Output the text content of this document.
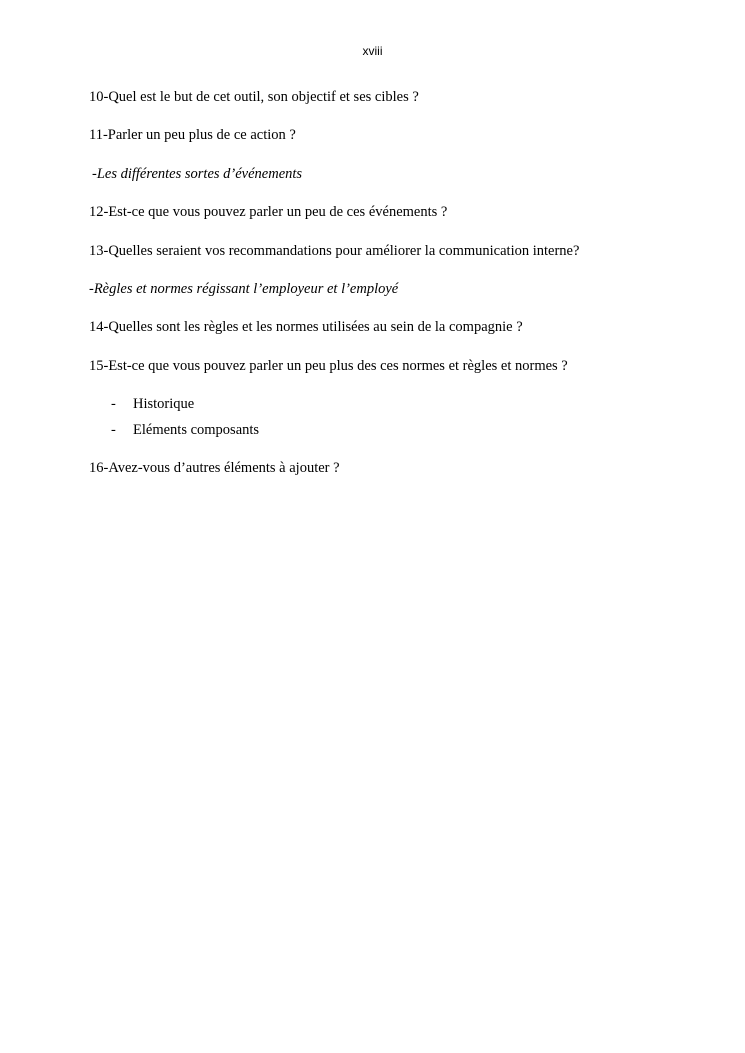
xviii
10-Quel est le but de cet outil, son objectif et ses cibles ?
11-Parler un peu plus de ce action ?
-Les différentes sortes d’événements
12-Est-ce que vous pouvez parler un peu de ces événements ?
13-Quelles seraient vos recommandations pour améliorer la communication interne?
-Règles et normes régissant l’employeur et l’employé
14-Quelles sont les règles et les normes utilisées au sein de la compagnie ?
15-Est-ce que vous pouvez parler un peu plus des ces normes et règles et normes ?
- Historique
- Eléments composants
16-Avez-vous d’autres éléments à ajouter ?
